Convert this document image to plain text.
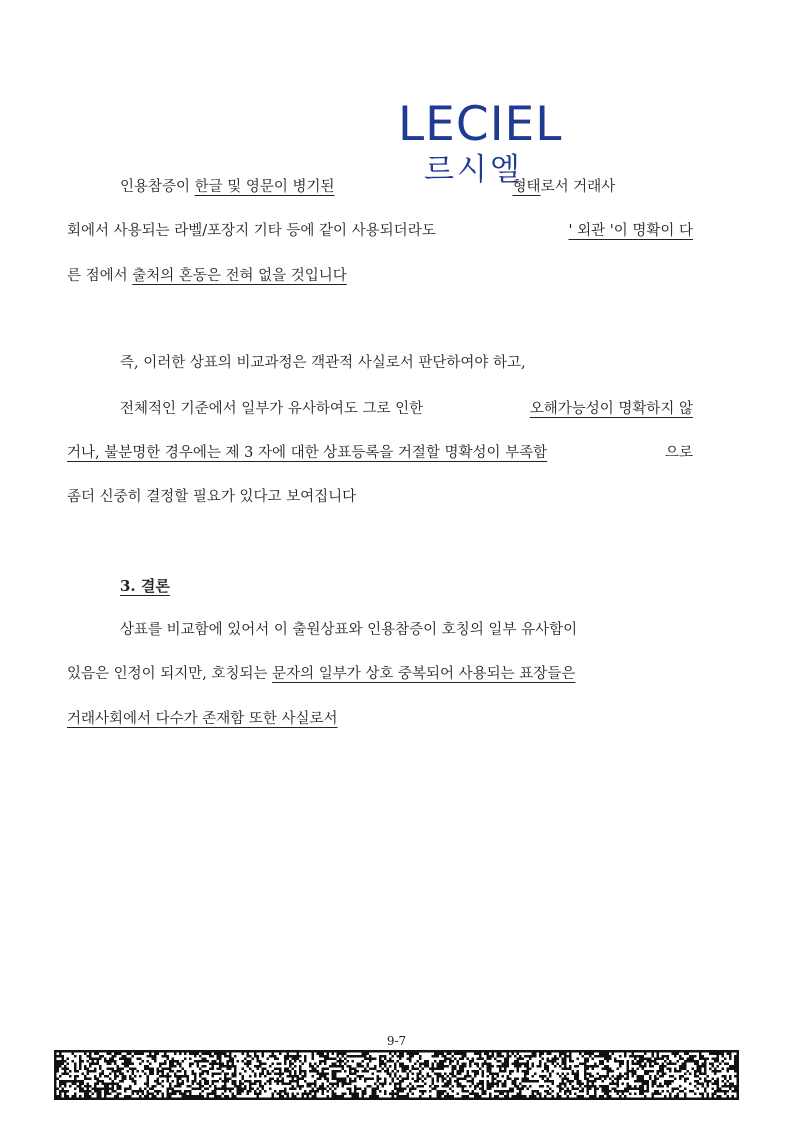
LECIEL
르시엘
인용참증이 한글 및 영문이 병기된	형태로서 거래사
회에서 사용되는 라벨/포장지 기타 등에 같이 사용되더라도	' 외관 '이 명확이 다
른 점에서 출처의 혼동은 전혀 없을 것입니다
즉, 이러한 상표의 비교과정은 객관적 사실로서 판단하여야 하고,
전체적인 기준에서 일부가 유사하여도 그로 인한	오해가능성이 명확하지 않
거나, 불분명한 경우에는 제 3 자에 대한 상표등록을 거절할 명확성이 부족함	으로
좀더 신중히 결정할 필요가 있다고 보여집니다
3. 결론
상표를 비교함에 있어서 이 출원상표와 인용참증이 호칭의 일부 유사함이
있음은 인정이 되지만, 호칭되는 문자의 일부가 상호 중복되어 사용되는 표장들은
거래사회에서 다수가 존재함 또한 사실로서
9-7
